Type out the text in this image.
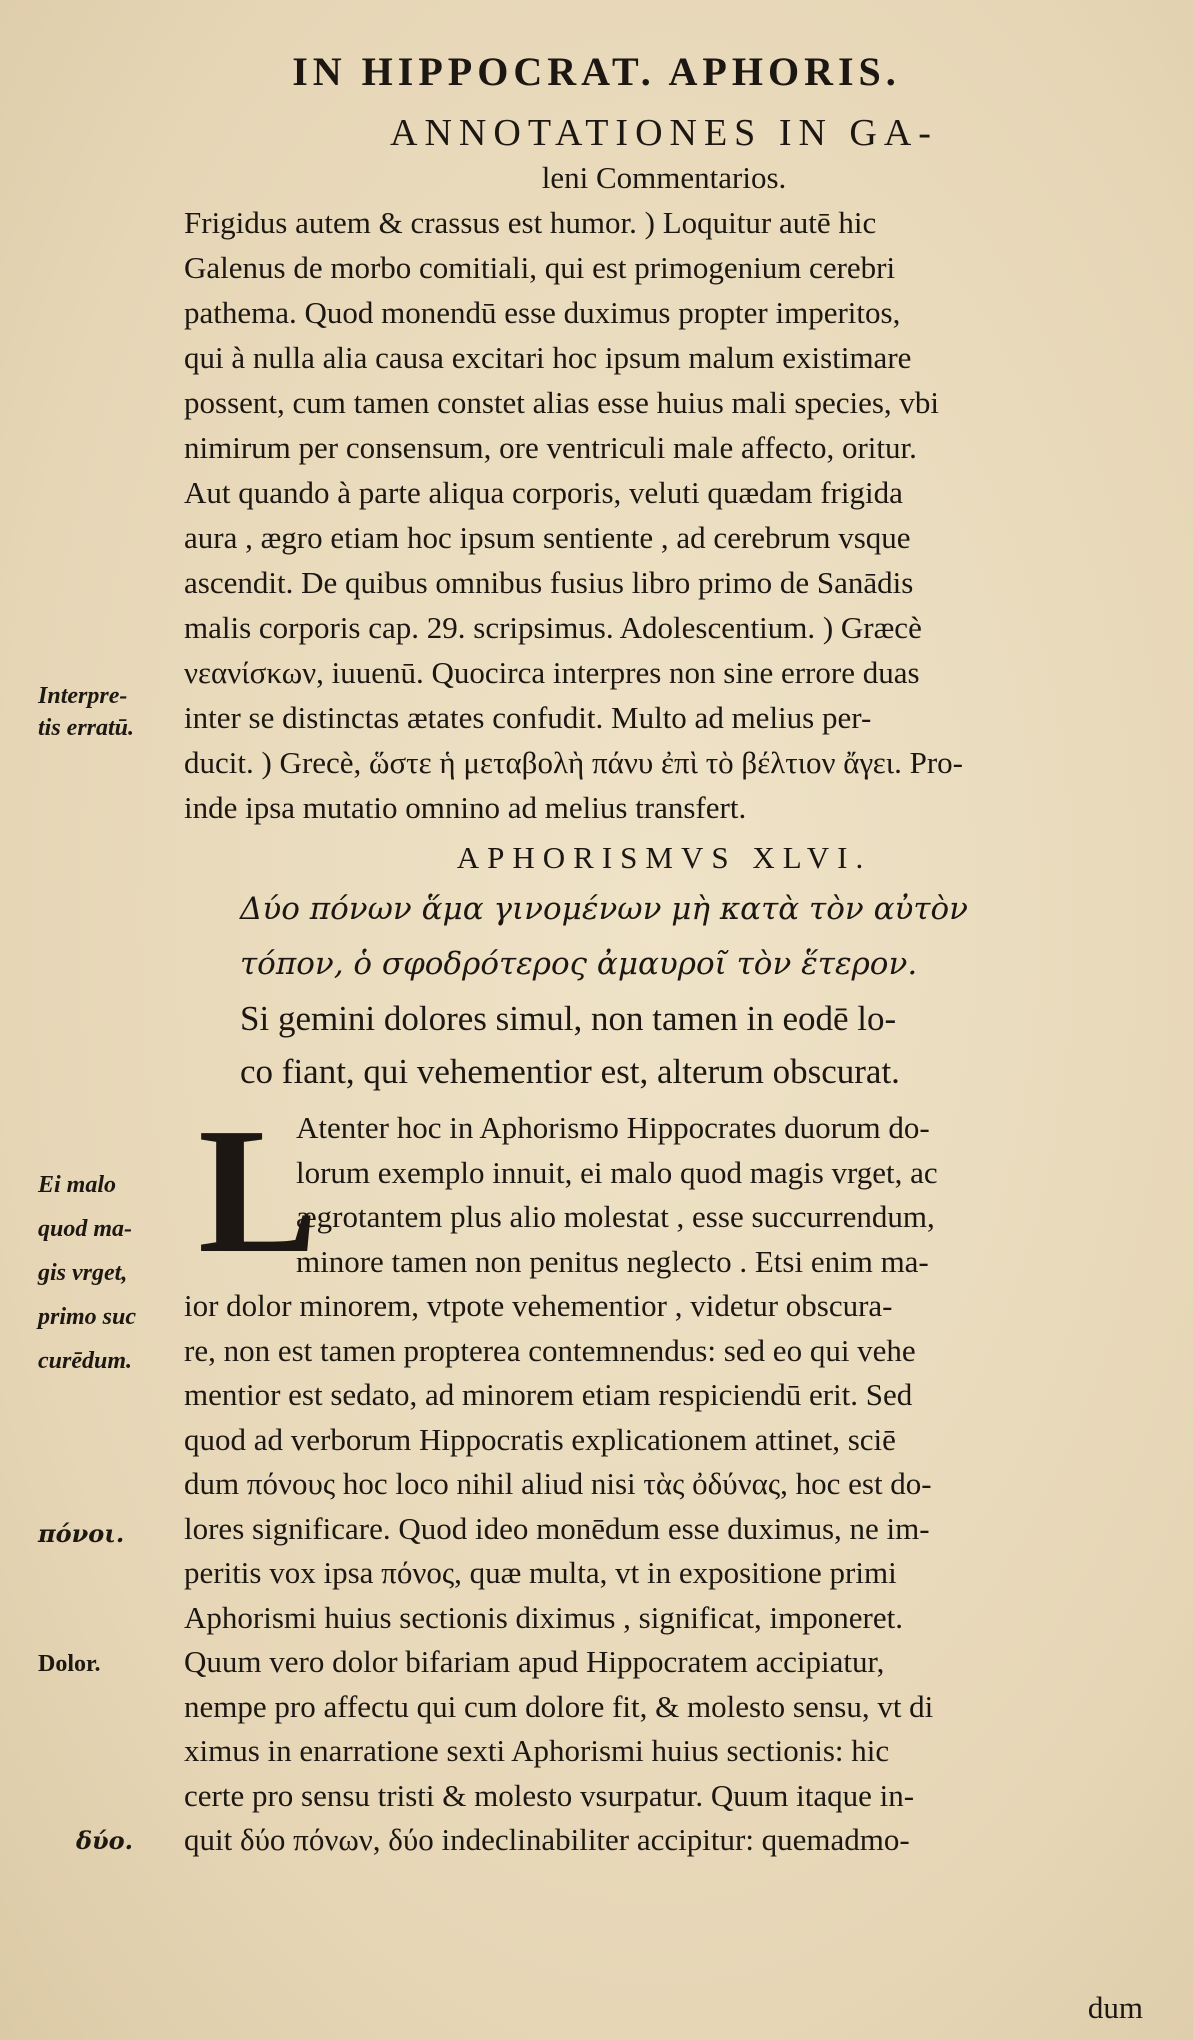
IN HIPPOCRAT. APHORIS.

ANNOTATIONES IN GA-

leni Commentarios.

Frigidus autem & crassus est humor. ) Loquitur autē hic
Galenus de morbo comitiali, qui est primogenium cerebri
pathema. Quod monendū esse duximus propter imperitos,
qui à nulla alia causa excitari hoc ipsum malum existimare
possent, cum tamen constet alias esse huius mali species, vbi
nimirum per consensum, ore ventriculi male affecto, oritur.
Aut quando à parte aliqua corporis, veluti quædam frigida
aura , ægro etiam hoc ipsum sentiente , ad cerebrum vsque
ascendit. De quibus omnibus fusius libro primo de Sanādis
malis corporis cap. 29. scripsimus. Adolescentium. ) Græcè
νεανίσκων, iuuenū. Quocirca interpres non sine errore duas
inter se distinctas ætates confudit. Multo ad melius per-
ducit. ) Grecè, ὥστε ἡ μεταβολὴ πάνυ ἐπὶ τὸ βέλτιον ἄγει. Pro-
inde ipsa mutatio omnino ad melius transfert.

APHORISMVS XLVI.

Δύο πόνων ἅμα γινομένων μὴ κατὰ τὸν αὐτὸν
τόπον, ὁ σφοδρότερος ἀμαυροῖ τὸν ἕτερον.
Si gemini dolores simul, non tamen in eodē lo-
co fiant, qui vehementior est, alterum obscurat.
L
Atenter hoc in Aphorismo Hippocrates duorum do-
lorum exemplo innuit, ei malo quod magis vrget, ac
ægrotantem plus alio molestat , esse succurrendum,
minore tamen non penitus neglecto . Etsi enim ma-
ior dolor minorem, vtpote vehementior , videtur obscura-
re, non est tamen propterea contemnendus: sed eo qui vehe
mentior est sedato, ad minorem etiam respiciendū erit. Sed
quod ad verborum Hippocratis explicationem attinet, sciē
dum πόνους hoc loco nihil aliud nisi τὰς ὀδύνας, hoc est do-
lores significare. Quod ideo monēdum esse duximus, ne im-
peritis vox ipsa πόνος, quæ multa, vt in expositione primi
Aphorismi huius sectionis diximus , significat, imponeret.
Quum vero dolor bifariam apud Hippocratem accipiatur,
nempe pro affectu qui cum dolore fit, & molesto sensu, vt di
ximus in enarratione sexti Aphorismi huius sectionis: hic
certe pro sensu tristi & molesto vsurpatur. Quum itaque in-
quit δύο πόνων, δύο indeclinabiliter accipitur: quemadmo-
Interpre-
tis erratū.
Ei malo
quod ma-
gis vrget,
primo suc
curēdum.
πόνοι.
Dolor.
δύο.
dum
